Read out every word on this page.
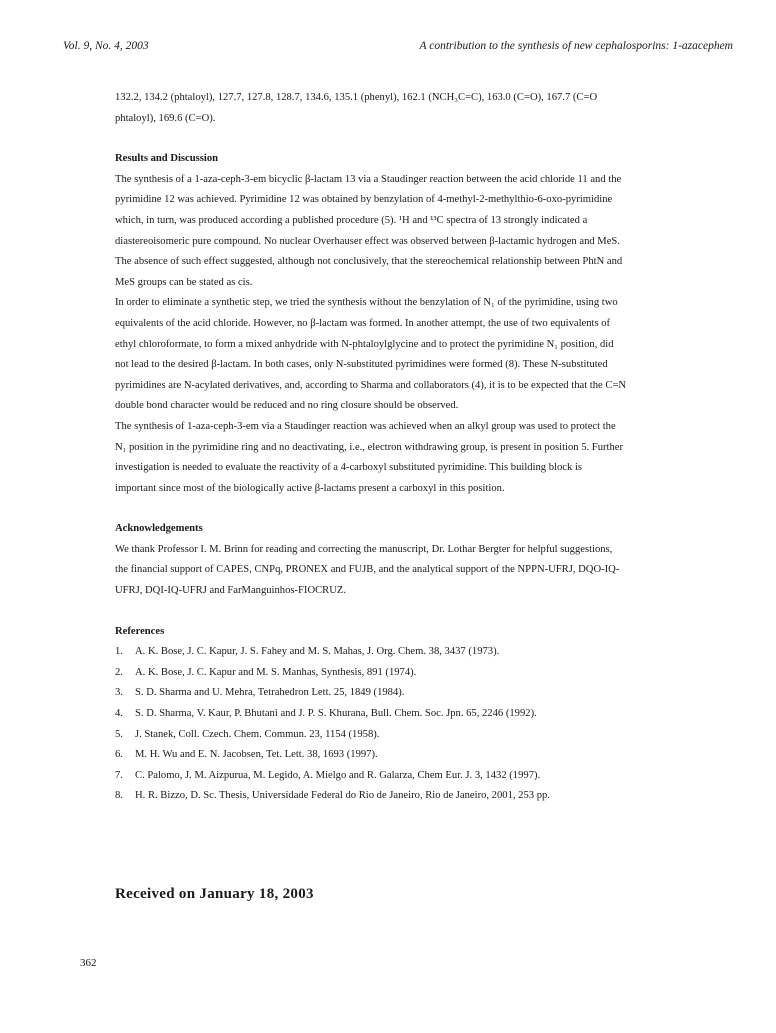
Vol. 9, No. 4, 2003	A contribution to the synthesis of new cephalosporins: 1-azacephem

132.2, 134.2 (phtaloyl), 127.7, 127.8, 128.7, 134.6, 135.1 (phenyl), 162.1 (NCH₃C=C), 163.0 (C=O), 167.7 (C=O

phtaloyl), 169.6 (C=O).

Results and Discussion

The synthesis of a 1-aza-ceph-3-em bicyclic β-lactam 13 via a Staudinger reaction between the acid chloride 11 and the

pyrimidine 12 was achieved. Pyrimidine 12 was obtained by benzylation of 4-methyl-2-methylthio-6-oxo-pyrimidine

which, in turn, was produced according a published procedure (5). ¹H and ¹³C spectra of 13 strongly indicated a

diastereoisomeric pure compound. No nuclear Overhauser effect was observed between β-lactamic hydrogen and MeS.

The absence of such effect suggested, although not conclusively, that the stereochemical relationship between PhtN and

MeS groups can be stated as cis.

In order to eliminate a synthetic step, we tried the synthesis without the benzylation of N₁ of the pyrimidine, using two

equivalents of the acid chloride. However, no β-lactam was formed. In another attempt, the use of two equivalents of

ethyl chloroformate, to form a mixed anhydride with N-phtaloylglycine and to protect the pyrimidine N₁ position, did

not lead to the desired β-lactam. In both cases, only N-substituted pyrimidines were formed (8). These N-substituted

pyrimidines are N-acylated derivatives, and, according to Sharma and collaborators (4), it is to be expected that the C=N

double bond character would be reduced and no ring closure should be observed.

The synthesis of 1-aza-ceph-3-em via a Staudinger reaction was achieved when an alkyl group was used to protect the

N₁ position in the pyrimidine ring and no deactivating, i.e., electron withdrawing group, is present in position 5. Further

investigation is needed to evaluate the reactivity of a 4-carboxyl substituted pyrimidine. This building block is

important since most of the biologically active β-lactams present a carboxyl in this position.

Acknowledgements

We thank Professor I. M. Brinn for reading and correcting the manuscript, Dr. Lothar Bergter for helpful suggestions,

the financial support of CAPES, CNPq, PRONEX and FUJB, and the analytical support of the NPPN-UFRJ, DQO-IQ-

UFRJ, DQI-IQ-UFRJ and FarManguinhos-FIOCRUZ.

References

1. A. K. Bose, J. C. Kapur, J. S. Fahey and M. S. Mahas, J. Org. Chem. 38, 3437 (1973).
2. A. K. Bose, J. C. Kapur and M. S. Manhas, Synthesis, 891 (1974).
3. S. D. Sharma and U. Mehra, Tetrahedron Lett. 25, 1849 (1984).
4. S. D. Sharma, V. Kaur, P. Bhutani and J. P. S. Khurana, Bull. Chem. Soc. Jpn. 65, 2246 (1992).
5. J. Stanek, Coll. Czech. Chem. Commun. 23, 1154 (1958).
6. M. H. Wu and E. N. Jacobsen, Tet. Lett. 38, 1693 (1997).
7. C. Palomo, J. M. Aizpurua, M. Legido, A. Mielgo and R. Galarza, Chem Eur. J. 3, 1432 (1997).
8. H. R. Bizzo, D. Sc. Thesis, Universidade Federal do Rio de Janeiro, Rio de Janeiro, 2001, 253 pp.
Received on January 18, 2003
362
